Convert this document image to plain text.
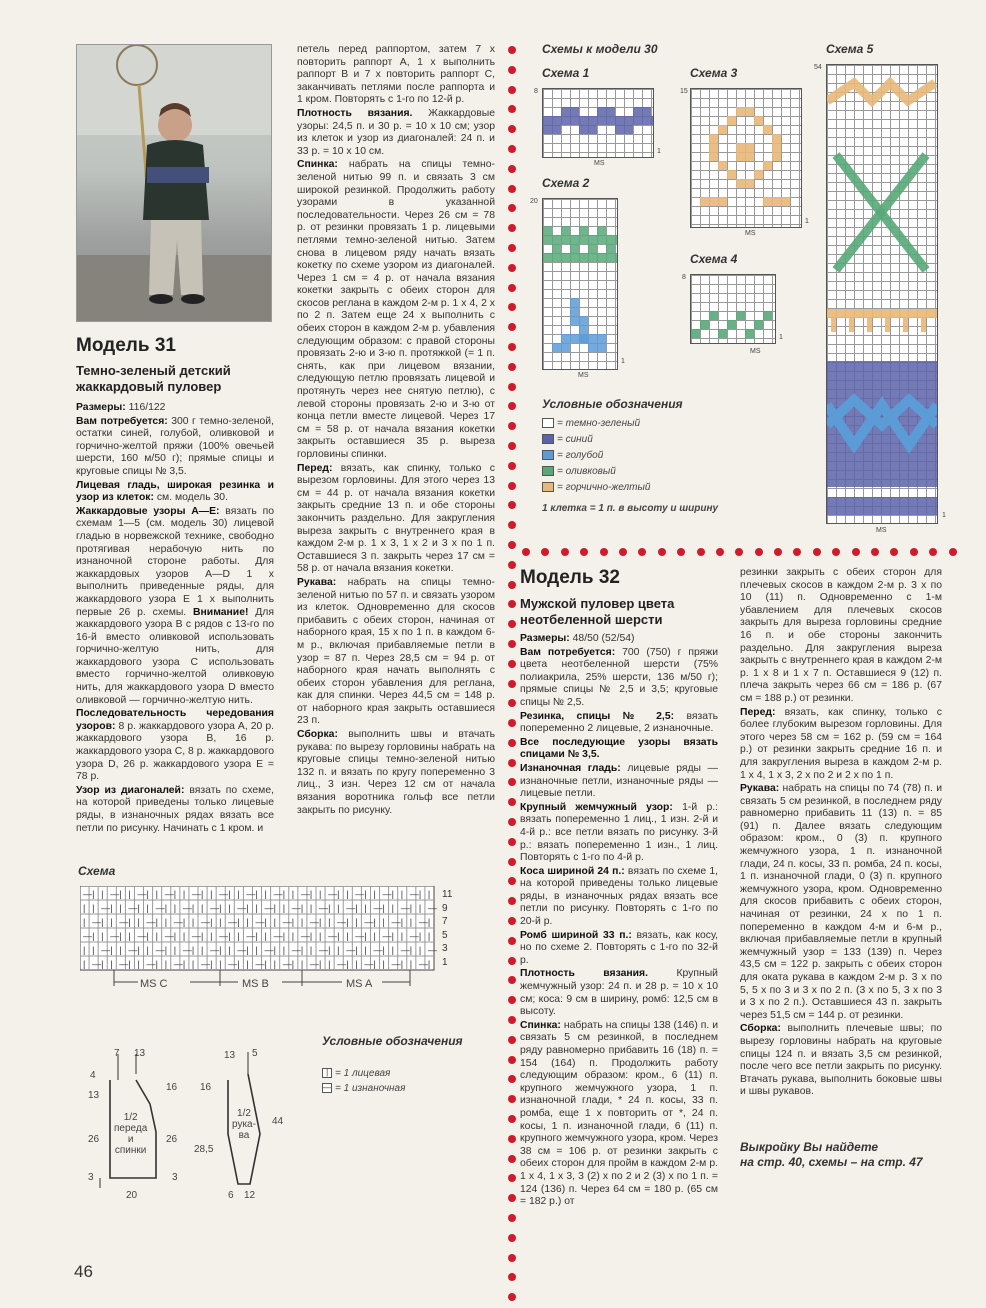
Модель 31
Темно-зеленый детский жаккардовый пуловер

Размеры: 116/122

Вам потребуется: 300 г темно-зеленой, остатки синей, голубой, оливковой и горчично-желтой пряжи (100% овечьей шерсти, 160 м/50 г); прямые спицы и круговые спицы № 3,5.

Лицевая гладь, широкая резинка и узор из клеток: см. модель 30.

Жаккардовые узоры А—Е: вязать по схемам 1—5 (см. модель 30) лицевой гладью в норвежской технике, свободно протягивая нерабочую нить по изнаночной стороне работы. Для жаккардовых узоров А—D 1 х выполнить приведенные ряды, для жаккардового узора Е 1 х выполнить первые 26 р. схемы. Внимание! Для жаккардового узора В с рядов с 13-го по 16-й вместо оливковой использовать горчично-желтую нить, для жаккардового узора С использовать вместо горчично-желтой оливковую нить, для жаккардового узора D вместо оливковой — горчично-желтую нить.

Последовательность чередования узоров: 8 р. жаккардового узора А, 20 р. жаккардового узора В, 16 р. жаккардового узора С, 8 р. жаккардового узора D, 26 р. жаккардового узора Е = 78 р.

Узор из диагоналей: вязать по схеме, на которой приведены только лицевые ряды, в изнаночных рядах вязать все петли по рисунку. Начинать с 1 кром. и

петель перед раппортом, затем 7 х повторить раппорт А, 1 х выполнить раппорт В и 7 х повторить раппорт С, заканчивать петлями после раппорта и 1 кром. Повторять с 1-го по 12-й р.

Плотность вязания. Жаккардовые узоры: 24,5 п. и 30 р. = 10 х 10 см; узор из клеток и узор из диагоналей: 24 п. и 33 р. = 10 х 10 см.

Спинка: набрать на спицы темно-зеленой нитью 99 п. и связать 3 см широкой резинкой. Продолжить работу узорами в указанной последовательности. Через 26 см = 78 р. от резинки провязать 1 р. лицевыми петлями темно-зеленой нитью. Затем снова в лицевом ряду начать вязать кокетку по схеме узором из диагоналей. Через 1 см = 4 р. от начала вязания кокетки закрыть с обеих сторон для скосов реглана в каждом 2-м р. 1 х 4, 2 х по 2 п. Затем еще 24 х выполнить с обеих сторон в каждом 2-м р. убавления следующим образом: с правой стороны провязать 2-ю и 3-ю п. протяжкой (= 1 п. снять, как при лицевом вязании, следующую петлю провязать лицевой и протянуть через нее снятую петлю), с левой стороны провязать 2-ю и 3-ю от конца петли вместе лицевой. Через 17 см = 58 р. от начала вязания кокетки закрыть оставшиеся 35 р. выреза горловины спинки.

Перед: вязать, как спинку, только с вырезом горловины. Для этого через 13 см = 44 р. от начала вязания кокетки закрыть средние 13 п. и обе стороны закончить раздельно. Для закругления выреза закрыть с внутреннего края в каждом 2-м р. 1 х 3, 1 х 2 и 3 х по 1 п. Оставшиеся 3 п. закрыть через 17 см = 58 р. от начала вязания кокетки.

Рукава: набрать на спицы темно-зеленой нитью по 57 п. и связать узором из клеток. Одновременно для скосов прибавить с обеих сторон, начиная от наборного края, 15 х по 1 п. в каждом 6-м р., включая прибавляемые петли в узор = 87 п. Через 28,5 см = 94 р. от наборного края начать выполнять с обеих сторон убавления для реглана, как для спинки. Через 44,5 см = 148 р. от наборного края закрыть оставшиеся 23 п.

Сборка: выполнить швы и втачать рукава: по вырезу горловины набрать на круговые спицы темно-зеленой нитью 132 п. и вязать по кругу попеременно 3 лиц., 3 изн. Через 12 см от начала вязания воротника гольф все петли закрыть по рисунку.

Схемы к модели 30
Схема 1
8
1
MS
Схема 2
20
1
MS
Схема 3
15
1
MS
Схема 4
8
1
MS
Схема 5
54
1
MS
Условные обозначения
= темно-зеленый
= синий
= голубой
= оливковый
= горчично-желтый
1 клетка = 1 п. в высоту и ширину
Модель 32
Мужской пуловер цвета неотбеленной шерсти

Размеры: 48/50 (52/54)

Вам потребуется: 700 (750) г пряжи цвета неотбеленной шерсти (75% полиакрила, 25% шерсти, 136 м/50 г); прямые спицы № 2,5 и 3,5; круговые спицы № 2,5.

Резинка, спицы № 2,5: вязать попеременно 2 лицевые, 2 изнаночные.

Все последующие узоры вязать спицами № 3,5.

Изнаночная гладь: лицевые ряды — изнаночные петли, изнаночные ряды — лицевые петли.

Крупный жемчужный узор: 1-й р.: вязать попеременно 1 лиц., 1 изн. 2-й и 4-й р.: все петли вязать по рисунку. 3-й р.: вязать попеременно 1 изн., 1 лиц. Повторять с 1-го по 4-й р.

Коса шириной 24 п.: вязать по схеме 1, на которой приведены только лицевые ряды, в изнаночных рядах вязать все петли по рисунку. Повторять с 1-го по 20-й р.

Ромб шириной 33 п.: вязать, как косу, но по схеме 2. Повторять с 1-го по 32-й р.

Плотность вязания.	Крупный жемчужный узор: 24 п. и 28 р. = 10 х 10 см; коса: 9 см в ширину, ромб: 12,5 см в высоту.

Спинка: набрать на спицы 138 (146) п. и связать 5 см резинкой, в последнем ряду равномерно прибавить 16 (18) п. = 154 (164) п. Продолжить работу следующим образом: кром., 6 (11) п. крупного жемчужного узора, 1 п. изнаночной глади, * 24 п. косы, 33 п. ромба, еще 1 х повторить от *, 24 п. косы, 1 п. изнаночной глади, 6 (11) п. крупного жемчужного узора, кром. Через 38 см = 106 р. от резинки закрыть с обеих сторон для пройм в каждом 2-м р. 1 х 4, 1 х 3, 3 (2) х по 2 и 2 (3) х по 1 п. = 124 (136) п. Через 64 см = 180 р. (65 см = 182 р.) от

резинки закрыть с обеих сторон для плечевых скосов в каждом 2-м р. 3 х по 10 (11) п. Одновременно с 1-м убавлением для плечевых скосов закрыть для выреза горловины средние 16 п. и обе стороны закончить раздельно. Для закругления выреза закрыть с внутреннего края в каждом 2-м р. 1 х 8 и 1 х 7 п. Оставшиеся 9 (12) п. плеча закрыть через 66 см = 186 р. (67 см = 188 р.) от резинки.

Перед: вязать, как спинку, только с более глубоким вырезом горловины. Для этого через 58 см = 162 р. (59 см = 164 р.) от резинки закрыть средние 16 п. и для закругления выреза в каждом 2-м р. 1 х 4, 1 х 3, 2 х по 2 и 2 х по 1 п.

Рукава: набрать на спицы по 74 (78) п. и связать 5 см резинкой, в последнем ряду равномерно прибавить 11 (13) п. = 85 (91) п. Далее вязать следующим образом: кром., 0 (3) п. крупного жемчужного узора, 1 п. изнаночной глади, 24 п. косы, 33 п. ромба, 24 п. косы, 1 п. изнаночной глади, 0 (3) п. крупного жемчужного узора, кром. Одновременно для скосов прибавить с обеих сторон, начиная от резинки, 24 х по 1 п. попеременно в каждом 4-м и 6-м р., включая прибавляемые петли в крупный жемчужный узор = 133 (139) п. Через 43,5 см = 122 р. закрыть с обеих сторон для оката рукава в каждом 2-м р. 3 х по 5, 5 х по 3 и 3 х по 2 п. (3 х по 5, 3 х по 3 и 3 х по 2 п.). Оставшиеся 43 п. закрыть через 51,5 см = 144 р. от резинки.

Сборка: выполнить плечевые швы; по вырезу горловины набрать на круговые спицы 124 п. и вязать 3,5 см резинкой, после чего все петли закрыть по рисунку. Втачать рукава, выполнить боковые швы и швы рукавов.

Выкройку Вы найдете
на стр. 40, схемы – на стр. 47
Схема
— | | — | | — | | — | | — | | — | | — | | — | | — | | — | | — | | — | | — | |
| | — | | — | | — | | — | | — | | — | | — | | — | | — | | — | | — | | — | | —
| — | | — | | — | | — | | — | | — | | — | | — | | — | | — | | — | | — | | — |
— | | — | | — | | — | | — | | — | | — | | — | | — | | — | | — | | — | | — | |
| | — | | — | | — | | — | | — | | — | | — | | — | | — | | — | | — | | — | | —
| — | | — | | — | | — | | — | | — | | — | | — | | — | | — | | — | | — | | — |
11
9
7
5
3
1
MS C	MS B	MS A
Условные обозначения
| = 1 лицевая
— = 1 изнаночная
7 13
4
13
26
3
16
26
3
1/2
переда
и
спинки
20
13 5
16
28,5
44
1/2
рука-
ва
6 12
46
